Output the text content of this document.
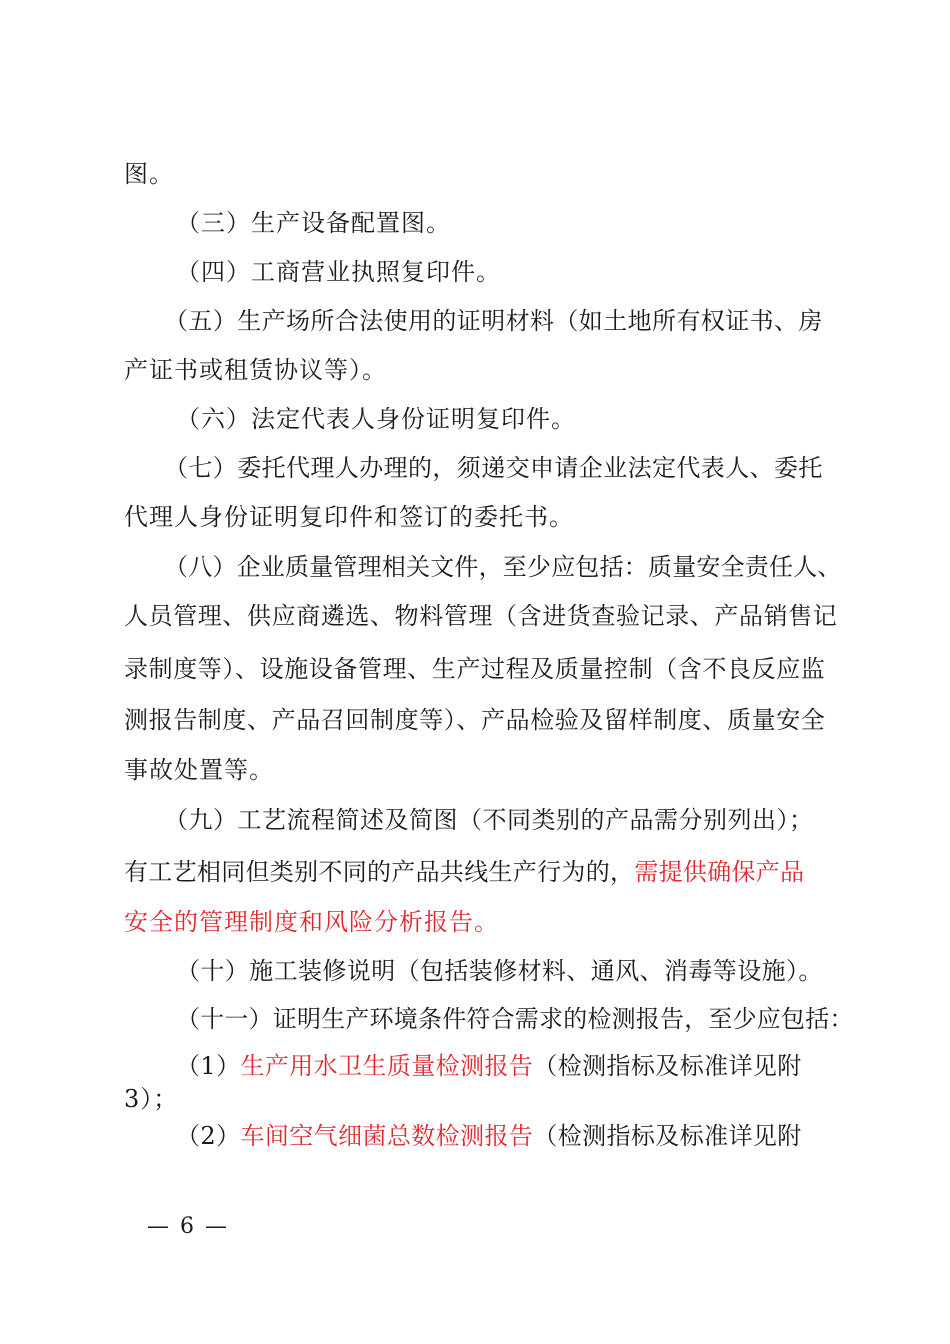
图。
（三）生产设备配置图。
（四）工商营业执照复印件。
（五）生产场所合法使用的证明材料（如土地所有权证书、房
产证书或租赁协议等）。
（六）法定代表人身份证明复印件。
（七）委托代理人办理的，须递交申请企业法定代表人、委托
代理人身份证明复印件和签订的委托书。
（八）企业质量管理相关文件，至少应包括：质量安全责任人、
人员管理、供应商遴选、物料管理（含进货查验记录、产品销售记
录制度等）、设施设备管理、生产过程及质量控制（含不良反应监
测报告制度、产品召回制度等）、产品检验及留样制度、质量安全
事故处置等。
（九）工艺流程简述及简图（不同类别的产品需分别列出）；
有工艺相同但类别不同的产品共线生产行为的，需提供确保产品
安全的管理制度和风险分析报告。
（十）施工装修说明（包括装修材料、通风、消毒等设施）。
（十一）证明生产环境条件符合需求的检测报告，至少应包括：
（1）生产用水卫生质量检测报告（检测指标及标准详见附
3）；
（2）车间空气细菌总数检测报告（检测指标及标准详见附
— 6 —
